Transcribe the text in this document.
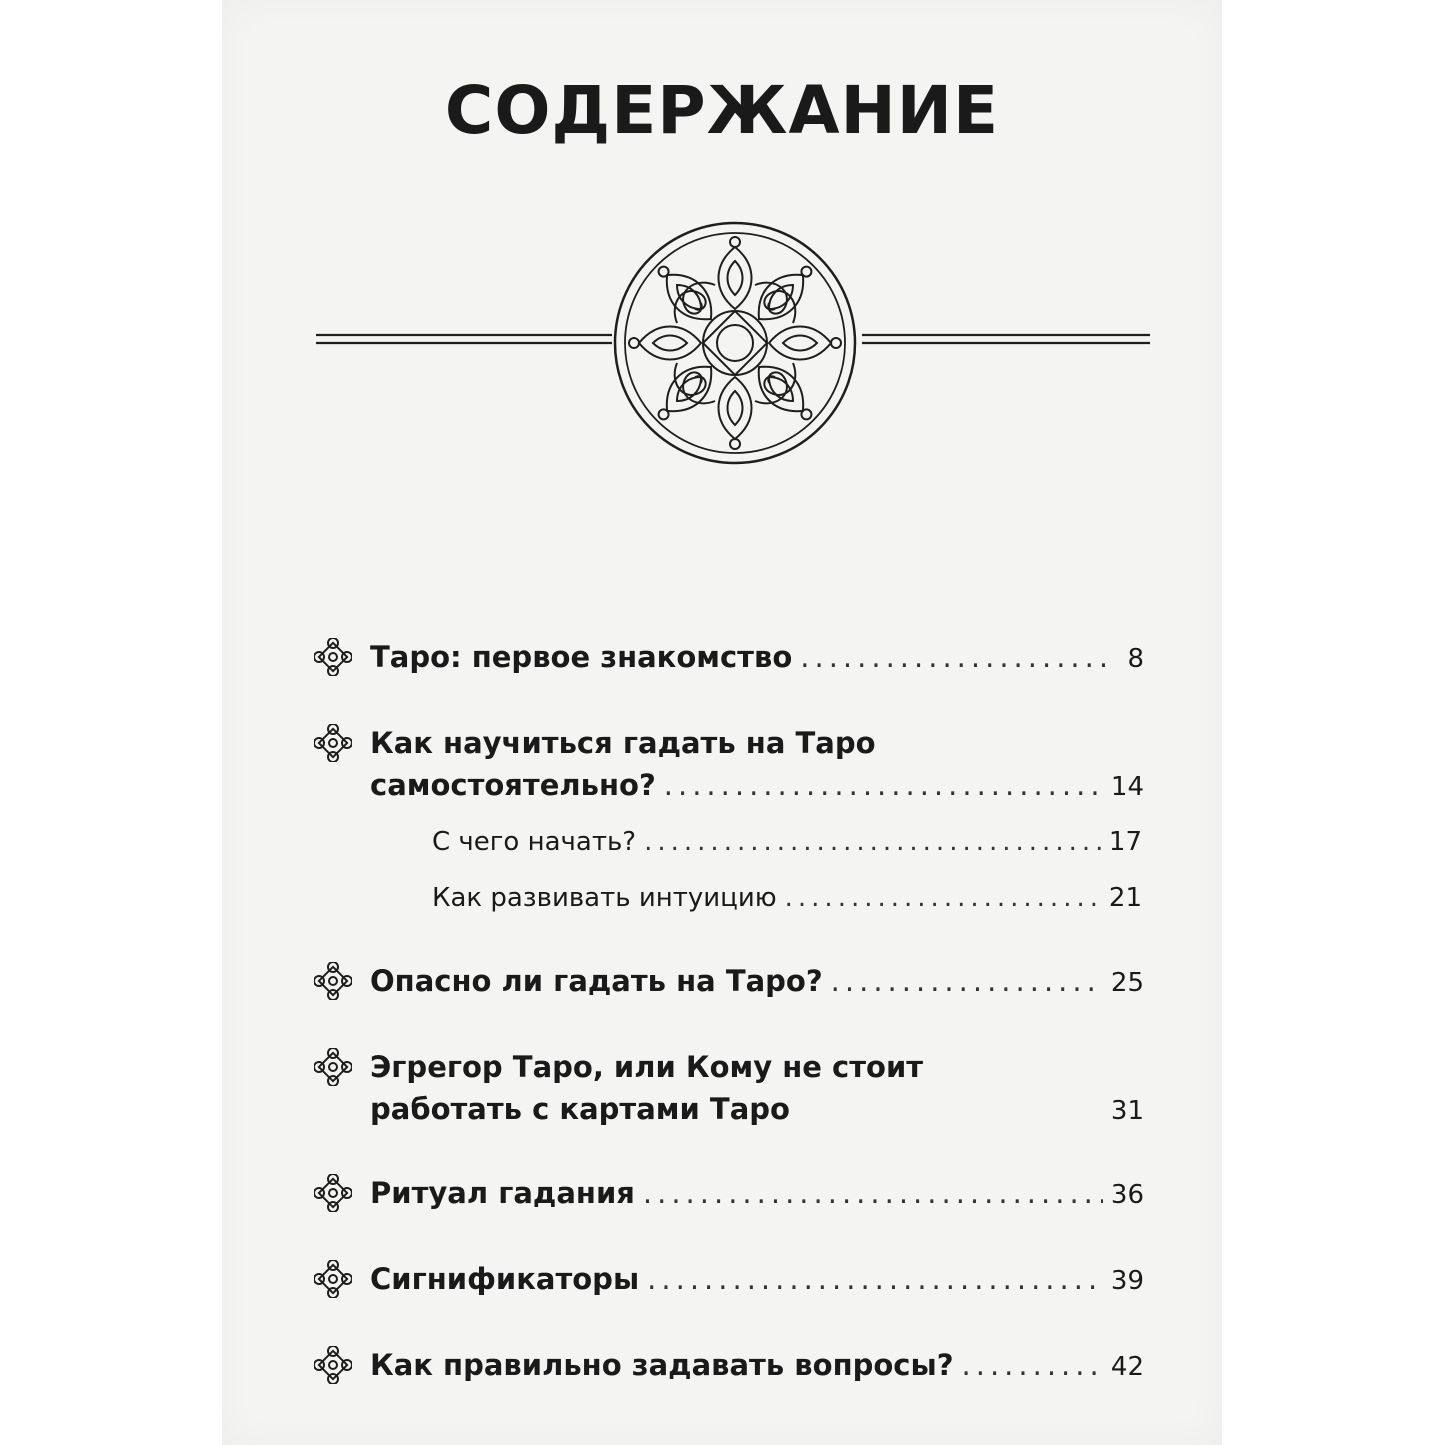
СОДЕРЖАНИЕ
Таро: первое знакомство .....	8
Как научиться гадать на Таро
самостоятельно? .....	14
С чего начать? .....	17
Как развивать интуицию .....	21
Опасно ли гадать на Таро? .....	25
Эгрегор Таро, или Кому не стоит
работать с картами Таро	31
Ритуал гадания .....	36
Сигнификаторы .....	39
Как правильно задавать вопросы? .....	42
